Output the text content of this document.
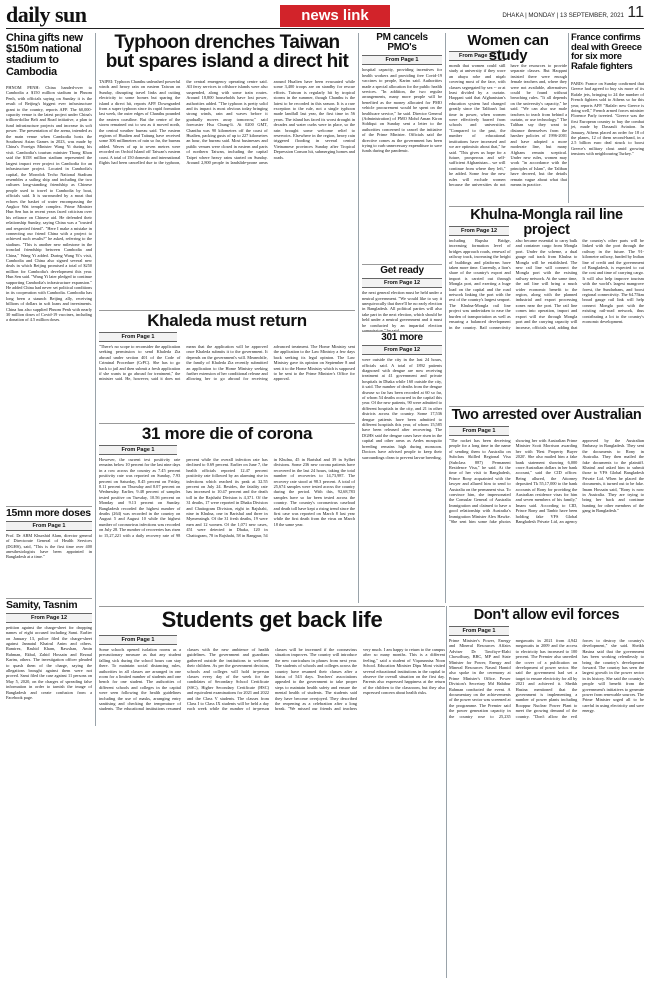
daily sun	news link	DHAKA | MONDAY | 13 SEPTEMBER, 2021 11
China gifts new $150m national stadium to Cambodia
PHNOM PENH: China handed-over to Cambodia a $150 million stadium in Phnom Penh, with officials saying on Sunday it is the result of Beijing's biggest ever infrastructure grant to the country, reports AFP. The 60,000-capacity venue is the latest project under China's trillion-dollar Belt and Road initiative, a plan to fund infrastructure projects and increase its soft power. The presentation of the arena, intended as the main venue when Cambodia hosts the Southeast Asian Games in 2023, was made by China's Foreign Minister Wang Yi during his visit. Cambodia's tourism minister Thong Khon said the $158 million stadium represented the largest impact ever project in Cambodia for an infrastructure project. Located in Cambodia's capital, the Morodok Techo National Stadium resembles a sailing ship and including the two cultures long-standing friendship as Chinese people used to travel to Cambodia by boat, officials said. It is surrounded by a moat that echoes the basket of water encompassing the Angkor Wat temple complex. Prime Minister Hun Sen has in recent years faced criticism over his reliance on Chinese aid. He defended their relationship Sunday, saying China was a "trusted and respected friend". "Here I make a mistake in connecting our friend China with a project to achieved such results?" he asked, referring to the stadium. "This is another new milestone in the ironclad friendship between Cambodia and China," Wang Yi added. During Wang Yi's visit, Cambodia and China also signed several new deals in which Beijing promised a total of $250 million for Cambodia's development this year. Hun Sen said. "Wang Yi later pledged to continue supporting Cambodia's infrastructure expansion." He added China had never set political conditions in its cooperation with Cambodia. Cambodia has long been a staunch Beijing ally, receiving billions of dollars in soft loans and investments. China has also supplied Phnom Penh with nearly 30 million doses of Covid-19 vaccines, including a donation of 4.5 million doses.
15mn more doses
From Page 1
Prof. Dr ABM Khurshid Alam, director general of Directorate General of Health Services (DGHS), said, "This is the first time over 400 anesthesiologists have been appointed in Bangladesh at a time."
Samity, Tasnim
From Page 12
petition against the charge-sheet for dropping names of eight accused including Sami. Earlier on January 13, police filed the charge-sheet against Jannatul Khairul Anim and others. Ramirez, Rashid Kham, Rawshan, Amin Rahman, Ekbal, Zahid Hossain and Rezaul Karim, others. The investigation officer pleaded to quash them of the charge, saying the allegations brought against them were not proved. Sami filed the case against 11 persons on May 5, 2020, on the charges of spreading false information in order to tarnish the image of Bangladesh and create confusion from a Facebook page.
Typhoon drenches Taiwan but spares island a direct hit
TAIPEI: Typhoon Chanthu unleashed powerful winds and heavy rain on eastern Taiwan on Sunday, disrupting travel links and cutting electricity to some homes but sparing the island a direct hit, reports AFP. Downgraded from a super typhoon since its rapid formation last week, the outer edges of Chanthu pounded the eastern coastline. But the centre of the storm remained out to sea as it moved north, the central weather bureau said. The eastern regions of Hualien and Taitung have received some 306 millimetres of rain so far, the bureau added. Waves of up to seven metres were recorded on Orchid Island off Taiwan's eastern coast. A total of 150 domestic and international flights had been cancelled due to the typhoon, the central emergency operating centre said. All ferry services to offshore islands were also suspended, along with some train routes. Around 18,800 households have lost power, authorities added. "The typhoon is pretty solid and its impact is most obvious today bringing strong winds, rain and waves before it gradually moves away tomorrow," said forecaster Hsu Chung-li. At 0200 GMT, Chanthu was 90 kilometres off the coast of Hualien, packing gusts of up to 227 kilometres an hour, the bureau said. Most businesses and public venues were closed in eastern and parts of northern Taiwan, including the capital Taipei where heavy rains started on Sunday. Around 2,800 people in landslide-prone areas around Hualien have been evacuated while some 3,400 troops are on standby for rescue efforts. Taiwan is regularly hit by tropical storms in the summer, though Chanthu is the latest to be recorded in this season. It is a rare exception to the rule, not a single typhoon made landfall last year, the first time in 56 years. The island has faced its worst drought in decades and water curbs were in place, so the rain brought some welcome relief to reservoirs. Elsewhere in the region, heavy rain triggered flooding in several central Vietnamese provinces Sunday after Tropical Depression Conson hit, submerging homes and roads.
Khaleda must return
From Page 1
"There's no scope to reconsider the application seeking permission to send Khaleda Zia abroad under section 401 of the Code of Criminal Procedure (CrPC). She has to go back to jail and then submit a fresh application if she wants to go abroad for treatment," the minister said. He, however, said it does not mean that the application will be approved once Khaleda submits it to the government. It depends on the government's will. Meanwhile, the family of Khaleda Zia recently submitted an application to the Home Ministry seeking further extension of her conditional release and allowing her to go abroad for receiving advanced treatment. The Home Ministry sent the application to the Law Ministry a few days back seeking its legal opinion. The Law Ministry gave its opinion on September 8 and sent it to the Home Ministry which is supposed to be sent to the Prime Minister's Office for approval.
31 more die of corona
From Page 1
However, the current test positivity rate remains below 10 percent for the last nine days in a row across the country as 7.45 percent positivity rate was reported on Sunday, 7.93 percent on Saturday, 8.45 percent on Friday, 8.11 percent on Thursday and 8.07 percent on Wednesday. Earlier, 9.48 percent of samples tested positive on Tuesday, 10.56 percent on Monday and 9.13 percent on Sunday. Bangladesh recorded the highest number of deaths (264) was recorded in the country on August 5 and August 10 while the highest number of coronavirus infections was recorded on July 28. The number of recoveries has risen to 15,27,221 with a daily recovery rate of 98 percent while the overall infection rate has declined to 0.69 percent. Earlier on June 7, the health officials reported 12.47 percent positivity rate followed by an alarming rise in infections which reached its peak at 32.55 percent on July 24. Besides, the fatality rate has increased to 10.47 percent and the death toll in the Rajshahi Division is 4,371. Of the 31 deaths, 17 were reported in Dhaka Division and Chattogram Division, eight in Rajshahi, nine in Khulna, one in Barishal and three in Mymensingh. Of the 31 fresh deaths, 19 were men and 12 women. Of the 1,071 new cases, 451 were detected in Dhaka, 120 in Chattogram, 78 in Rajshahi, 58 in Rangpur, 54 in Khulna, 45 in Barishal and 39 in Sylhet divisions. Some 236 new corona patients have recovered in the last 24 hours, taking the total number of recoveries to 14,73,987. The recovery rate stood at 98.3 percent. A total of 25,674 samples were tested across the country during the period. With this, 92,68,783 samples have so far been tested across the country. The country's coronavirus caseload and death toll have kept a rising trend since the first case was reported on March 8 last year while the first death from the virus on March 18 the same year.
PM cancels PMO's
From Page 1
hospital capacity, providing incentives for health workers and providing free Covid-19 vaccines to people, Karim said. Authorities made a special allocation for the public health services. "In addition, the two regular arrangements, many more people will be benefited as the money allocated for PMO vehicle procurement would be spent on the healthcare service," he said. Director General (Administration) of PMO Mohd Aman Kiron Siddiqui on Sunday sent a letter to the authorities concerned to cancel the initiative of the Prime Minister. Officials said the directive comes as the government has been trying to curb unnecessary expenditure to save funds during the pandemic.
Get ready
From Page 12
the next general election must be held under a neutral government. "We would like to say it unequivocally that there'll be no early election in Bangladesh. All political parties will also take part in the next election, which should be held under a neutral government and it must be conducted by an impartial election commission," he said.
301 more
From Page 12
were outside the city in the last 24 hours, officials said. A total of 1892 patients diagnosed with dengue are now receiving treatment at 41 government and private hospitals in Dhaka while 160 outside the city, it said. The number of deaths from the dengue disease so far has been recorded at 60 so far, of whom 54 deaths occurred in the capital this year. Of the new patients, 90 were admitted to different hospitals in the city, and 21 in other districts across the country. Some 17,536 dengue patients have been admitted to different hospitals this year, of whom 15,585 have been released after recovering. The DGHS said the dengue cases have risen in the capital and other areas as Aedes mosquito breeding remains high during monsoon. Doctors have advised people to keep their surroundings clean to prevent larvae breeding.
Women can study
From Page 12
month that women could still study at university if they wore an abaya robe and niqab covering most of the face, with classes segregated by sex -- or at least divided by a curtain. Haqqani said that Afghanistan's education system had changed greatly since the Taliban's last time in power, when women were effectively barred from schools and universities. "Compared to the past, the number of educational institutions have increased and we are optimistic about that," he said. "This gives us hope for a future, prosperous and self-sufficient Afghanistan... we will continue from where they left," he added. Some fear the new rules will exclude women because the universities do not have the resources to provide separate classes. But Haqqani insisted there were enough female teachers and, where they were not available, alternatives could be found without breaching rules. "It all depends on the university's capacity," he said. "We can also use male teachers to teach from behind a curtain, or use technology." The Taliban say they want to distance themselves from the harsher policies of 1996-2001 and have adopted a more moderate line, but many Afghans remain sceptical. Under new rules, women may work "in accordance with the principles of Islam", the Taliban have decreed, but the details remain vague about what that means in practice.
France confirms deal with Greece for six more Rafale fighters
PARIS: France on Sunday confirmed that Greece had agreed to buy six more of its Rafale jets, bringing to 24 the number of French fighters sold to Athens so far this year, reports AFP. "Rafale: new Greece is doing well," French armed forces minister Florence Parly tweeted. "Greece was the first European country to buy the combat jet, made by Dassault Aviation. In January, Athens placed an order for 18 of the planes, 12 of them second-hand, in a 2.5 billion euro deal struck to boost Greece's military clout amid growing tensions with neighbouring Turkey."
Khulna-Mongla rail line project
From Page 12
including Rupsha Bridge, increasing formation level of bridges approach roads, renewal of railway track, increasing the height of buildings and platforms have taken more time. Currently, a lion's share of the country's export and import is carried out through Mongla port, and exerting a huge load on the capital and the road network linking the port with the rest of the country's largest seaport. The Khulna-Mongla rail line project was undertaken to ease the burden of transportation as well as ensuring a balanced development in the country. Rail connectivity also became essential to carry bulk and container cargo from Mongla port. Under the scheme, a dual gauge rail track from Khulna to Mongla will be established. The new rail line will connect the Mongla port with the existing railway network. At the same time, the rail line will bring a much wider economic benefit to the region, along with the planned industrial and export processing zones near the port. The rail line comes into operation, import and export will rise through Mongla port and the carrying capacity will increase, officials said, adding that the country's other parts will be linked with the port through the railway in the future. The 91-kilometre railway, funded by Indian line of credit and the government of Bangladesh, is expected to cut the cost and time of carrying cargo. It will also help improve tourism with the world's largest mangrove forest, the Sundarbans, and boost regional connectivity. The 64.75km broad gauge rail link will help connect Mongla port with the existing rail-road network, thus contributing a lot to the country's economic development.
Two arrested over Australian
From Page 1
"The racket has been deceiving people for a long time in the name of sending them to Australia on Subclass Skilled Regional Visa (Subclass 887) Permanent Residence Visa," he said. At the time of her visit to Bangladesh, Prince Rony acquainted with the lawyer and allured him to send to Australia on the permanent visa. To convince him, she impersonated the Consular General of Australia Immigration and claimed to have a good relationship with Australia's Immigration Minister Alex Hawke. "She sent him some fake photos showing her with Australian Prime Minister Scott Morrison awarding her with 'Best Property Buyer 2020'. She also mailed him a fake bank statement showing 6,000 crore Australian dollars in her bank account," said the CID officer. Being allured, the Attorney deposited Tk 55,17,000 to the bank accounts of Rony for providing the Australian residence visas for him and seven members of his family," Imam said. According to CID, Prince Rony and Tanbir have been holding fake VFS Global Bangladesh Private Ltd, an agency approved by the Australian Embassy in Bangladesh. They sent the documents to Rony in Australia. They then mailed the fake documents to the plaintiff. Khairul and asked him to submit those to VFS Global Bangladesh Private Ltd. When he placed the documents, it turned out to be fake. Imam Hossain said, "Rony is now in Australia. They are trying to bring her back and continue hunting for other members of the gang in Bangladesh."
Students get back life
From Page 1
Some schools opened isolation rooms as a precautionary measure as that any student falling sick during the school hours can stay there. To maintain social distancing rules, authorities in all classes are arranged in one room for a limited number of students and one bench for one student. The authorities of different schools and colleges in the capital were seen following the health guidelines including the use of masks, arranging entry sanitising and checking the temperature of students. The educational institutions resumed classes with the new ambience of health guidelines. The government and guardians gathered outside the institutions to welcome their children. As per the government decision, schools and colleges will hold in-person classes every day of the week for the candidates of Secondary School Certificate (SSC), Higher Secondary Certificate (HSC) and equivalent examinations for 2021 and 2022 and the Class V students. The classes from Class I to Class IX students will be held a day each week while the number of in-person classes will be increased if the coronavirus situation improves. The country will introduce the new curriculum in phases from next year. The students of schools and colleges across the country have resumed their classes after a hiatus of 543 days. Teachers' associations appealed to the government to take proper steps to maintain health safety and ensure the mental health of students. The students said they have become overjoyed. They described the reopening as a celebration after a long break. "We missed our friends and teachers very much. I am happy to return to the campus after so many months. This is a different feeling," said a student of Viqarunnisa Noon School. Education Minister Dipu Moni visited several educational institutions in the capital to observe the overall situation on the first day. Parents also expressed happiness at the return of the children to the classroom, but they also expressed concern about health risks.
Don't allow evil forces
From Page 1
Prime Minister's Power, Energy and Mineral Resources Affairs Adviser Dr Tawfiq-e-Elahi Chowdhury, BBC, MP and State Minister for Power, Energy and Mineral Resources Nasrul Hamid also spoke in the ceremony at Prime Minister's Office. Power Division's Secretary Md Habibur Rahman conducted the event. A documentary on the achievements of the power sector was screened at the programme. The Premier said the power generation capacity in the country rose to 25,235 megawatts in 2021 from 4,942 megawatts in 2009 and the access to electricity has increased to 100 percent. The Premier also unveiled the cover of a publication on development of power sector. She said the government had set a target to ensure electricity for all by 2021 and achieved it. Sheikh Hasina mentioned that the government is implementing a number of power plants including Rooppur Nuclear Power Plant to meet the growing demand of the country. "Don't allow the evil forces to destroy the country's development," she said. Sheikh Hasina said that the government has been working relentlessly to bring the country's development forward. The country has seen the largest growth in the power sector in its history. She said the country's people will benefit from the government's initiatives to generate power from renewable sources. The Prime Minister urged all to be careful in using electricity and save energy.
